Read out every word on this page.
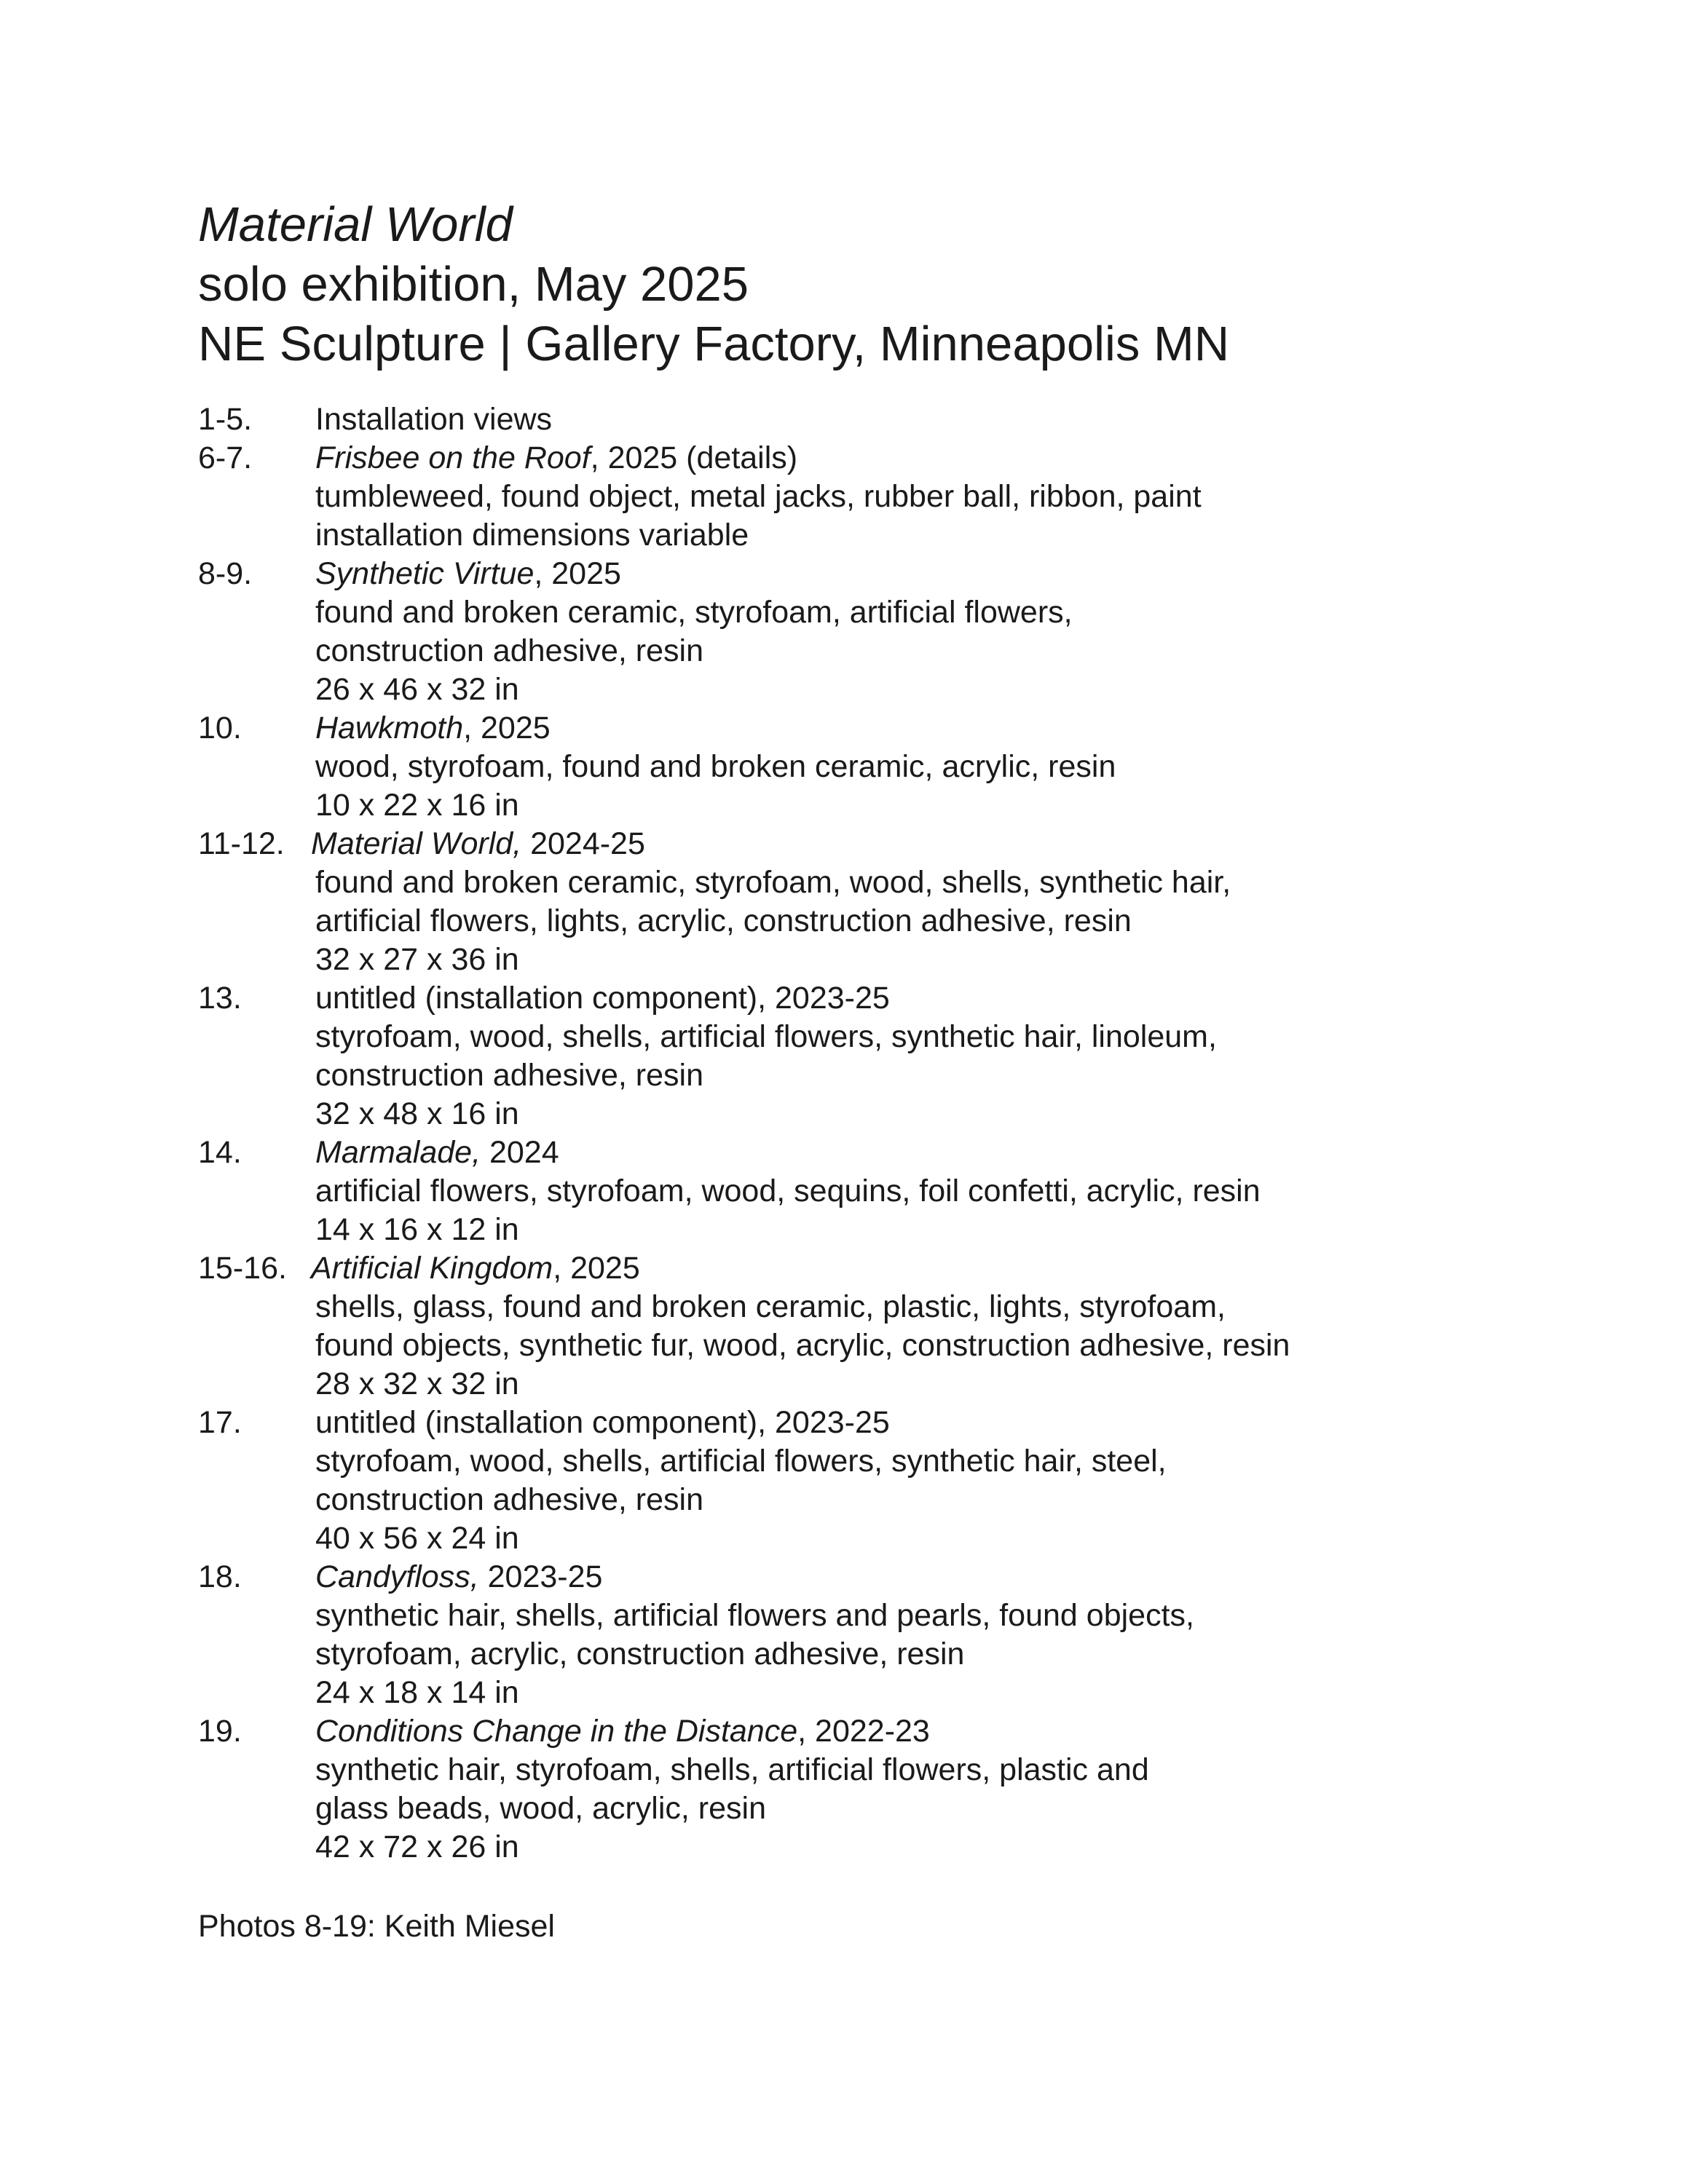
Material World
solo exhibition, May 2025
NE Sculpture | Gallery Factory, Minneapolis MN
1-5. Installation views
6-7. Frisbee on the Roof, 2025 (details)
tumbleweed, found object, metal jacks, rubber ball, ribbon, paint
installation dimensions variable
8-9. Synthetic Virtue, 2025
found and broken ceramic, styrofoam, artificial flowers,
construction adhesive, resin
26 x 46 x 32 in
10. Hawkmoth, 2025
wood, styrofoam, found and broken ceramic, acrylic, resin
10 x 22 x 16 in
11-12. Material World, 2024-25
found and broken ceramic, styrofoam, wood, shells, synthetic hair,
artificial flowers, lights, acrylic, construction adhesive, resin
32 x 27 x 36 in
13. untitled (installation component), 2023-25
styrofoam, wood, shells, artificial flowers, synthetic hair, linoleum,
construction adhesive, resin
32 x 48 x 16 in
14. Marmalade, 2024
artificial flowers, styrofoam, wood, sequins, foil confetti, acrylic, resin
14 x 16 x 12 in
15-16. Artificial Kingdom, 2025
shells, glass, found and broken ceramic, plastic, lights, styrofoam,
found objects, synthetic fur, wood, acrylic, construction adhesive, resin
28 x 32 x 32 in
17. untitled (installation component), 2023-25
styrofoam, wood, shells, artificial flowers, synthetic hair, steel,
construction adhesive, resin
40 x 56 x 24 in
18. Candyfloss, 2023-25
synthetic hair, shells, artificial flowers and pearls, found objects,
styrofoam, acrylic, construction adhesive, resin
24 x 18 x 14 in
19. Conditions Change in the Distance, 2022-23
synthetic hair, styrofoam, shells, artificial flowers, plastic and
glass beads, wood, acrylic, resin
42 x 72 x 26 in
Photos 8-19: Keith Miesel
